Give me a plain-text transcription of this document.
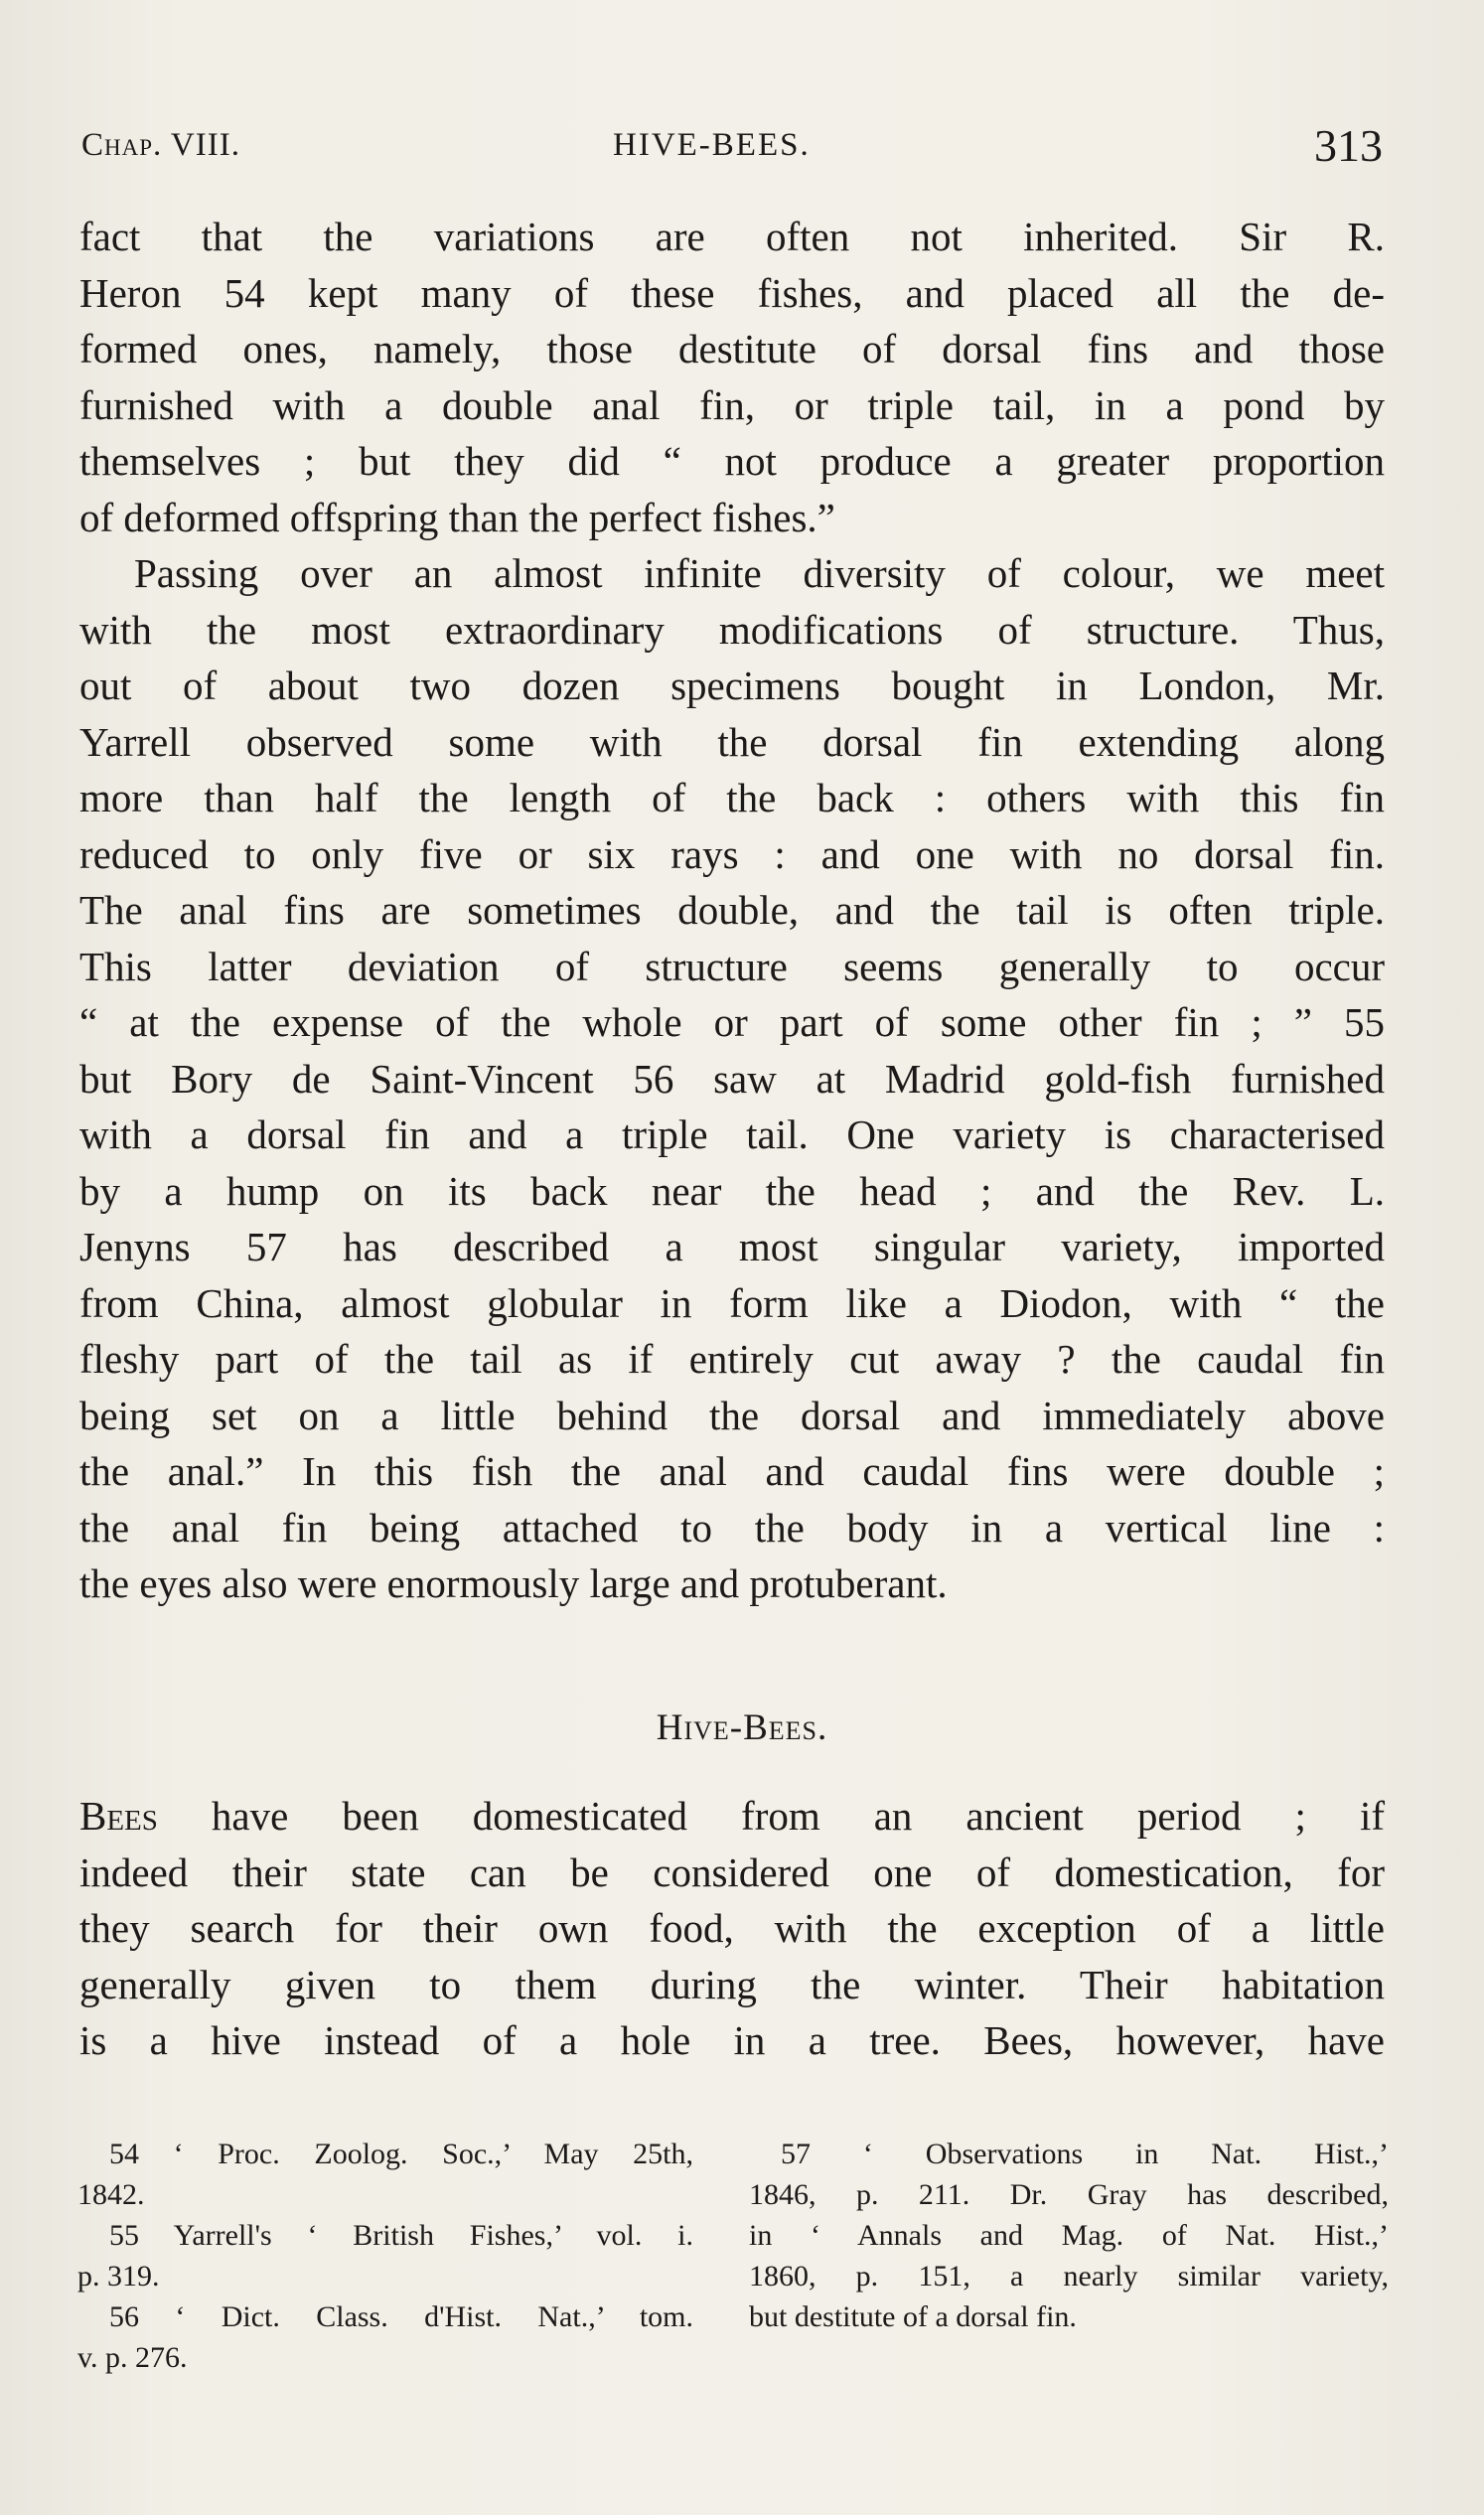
Chap. VIII.	HIVE-BEES.	313
fact that the variations are often not inherited. Sir R.
Heron 54 kept many of these fishes, and placed all the de-
formed ones, namely, those destitute of dorsal fins and those
furnished with a double anal fin, or triple tail, in a pond by
themselves ; but they did “ not produce a greater proportion
of deformed offspring than the perfect fishes.”
Passing over an almost infinite diversity of colour, we meet
with the most extraordinary modifications of structure. Thus,
out of about two dozen specimens bought in London, Mr.
Yarrell observed some with the dorsal fin extending along
more than half the length of the back : others with this fin
reduced to only five or six rays : and one with no dorsal fin.
The anal fins are sometimes double, and the tail is often triple.
This latter deviation of structure seems generally to occur
“ at the expense of the whole or part of some other fin ; ” 55
but Bory de Saint-Vincent 56 saw at Madrid gold-fish furnished
with a dorsal fin and a triple tail. One variety is characterised
by a hump on its back near the head ; and the Rev. L.
Jenyns 57 has described a most singular variety, imported
from China, almost globular in form like a Diodon, with “ the
fleshy part of the tail as if entirely cut away ? the caudal fin
being set on a little behind the dorsal and immediately above
the anal.” In this fish the anal and caudal fins were double ;
the anal fin being attached to the body in a vertical line :
the eyes also were enormously large and protuberant.
Hive-Bees.
Bees have been domesticated from an ancient period ; if
indeed their state can be considered one of domestication, for
they search for their own food, with the exception of a little
generally given to them during the winter. Their habitation
is a hive instead of a hole in a tree. Bees, however, have
54 ‘ Proc. Zoolog. Soc.,’ May 25th,
1842.
55 Yarrell's ‘ British Fishes,’ vol. i.
p. 319.
56 ‘ Dict. Class. d'Hist. Nat.,’ tom.
v. p. 276.
57 ‘ Observations in Nat. Hist.,’
1846, p. 211. Dr. Gray has described,
in ‘ Annals and Mag. of Nat. Hist.,’
1860, p. 151, a nearly similar variety,
but destitute of a dorsal fin.
